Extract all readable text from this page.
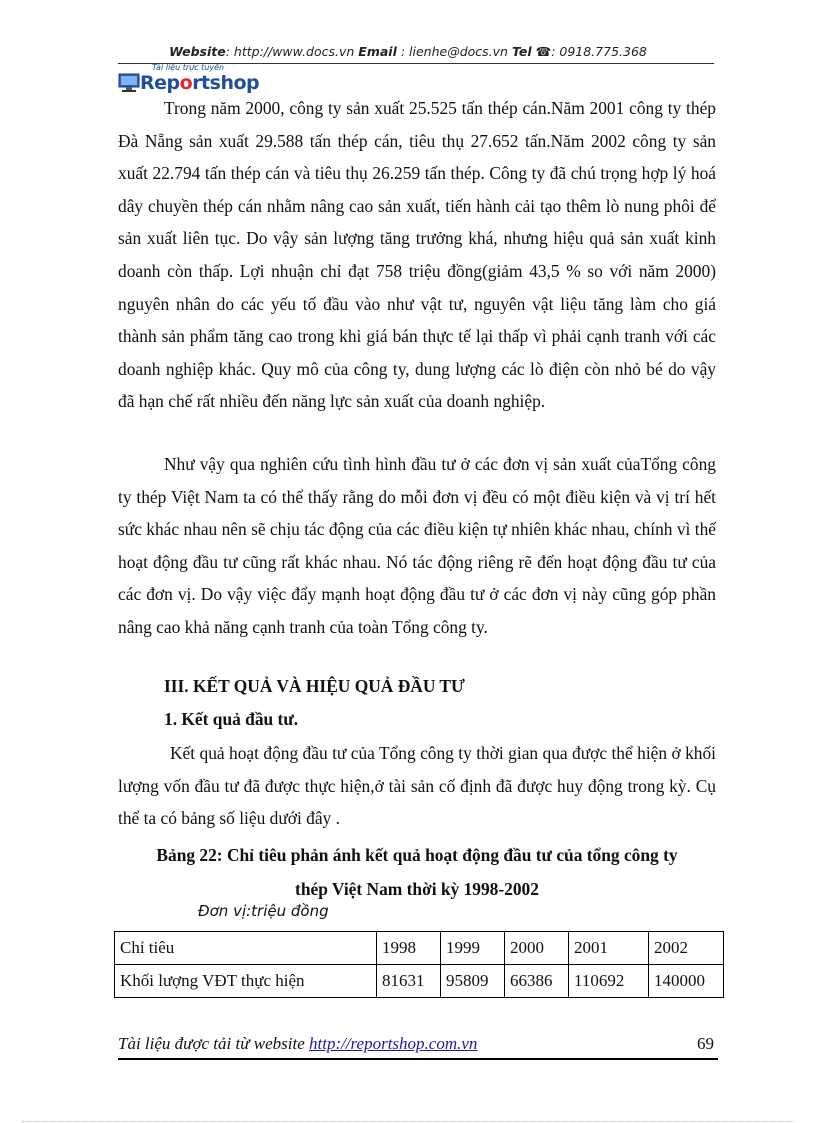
Website: http://www.docs.vn Email : lienhe@docs.vn Tel ☎: 0918.775.368
Tài liệu trực tuyến
Reportshop

Trong năm 2000, công ty sản xuất 25.525 tấn thép cán.Năm 2001 công ty thép Đà Nẵng sản xuất 29.588 tấn thép cán, tiêu thụ 27.652 tấn.Năm 2002 công ty sản xuất 22.794 tấn thép cán và tiêu thụ 26.259 tấn thép. Công ty đã chú trọng hợp lý hoá dây chuyền thép cán nhằm nâng cao sản xuất, tiến hành cải tạo thêm lò nung phôi để sản xuất liên tục. Do vậy sản lượng tăng trưởng khá, nhưng hiệu quả sản xuất kinh doanh còn thấp. Lợi nhuận chỉ đạt 758 triệu đồng(giảm 43,5 % so với năm 2000) nguyên nhân do các yếu tố đầu vào như vật tư, nguyên vật liệu tăng làm cho giá thành sản phẩm tăng cao trong khi giá bán thực tế lại thấp vì phải cạnh tranh với các doanh nghiệp khác. Quy mô của công ty, dung lượng các lò điện còn nhỏ bé do vậy đã hạn chế rất nhiều đến năng lực sản xuất của doanh nghiệp.

Như vậy qua nghiên cứu tình hình đầu tư ở các đơn vị sản xuất củaTổng công ty thép Việt Nam ta có thể thấy rằng do mỗi đơn vị đều có một điều kiện và vị trí hết sức khác nhau nên sẽ chịu tác động của các điều kiện tự nhiên khác nhau, chính vì thế hoạt động đầu tư cũng rất khác nhau. Nó tác động riêng rẽ đến hoạt động đầu tư của các đơn vị. Do vậy việc đẩy mạnh hoạt động đầu tư ở các đơn vị này cũng góp phần nâng cao khả năng cạnh tranh của toàn Tổng công ty.

III. KẾT QUẢ VÀ HIỆU QUẢ ĐẦU TƯ

1. Kết quả đầu tư.

Kết quả hoạt động đầu tư của Tổng công ty thời gian qua được thể hiện ở khối lượng vốn đầu tư đã được thực hiện,ở tài sản cố định đã được huy động trong kỳ. Cụ thể ta có bảng số liệu dưới đây .

Bảng 22: Chỉ tiêu phản ánh kết quả hoạt động đầu tư của tổng công ty
thép Việt Nam thời kỳ 1998-2002

Đơn vị:triệu đồng
Chỉ tiêu	1998	1999	2000	2001	2002
Khối lượng VĐT thực hiện	81631	95809	66386	110692	140000
Tài liệu được tải từ website http://reportshop.com.vn	69
